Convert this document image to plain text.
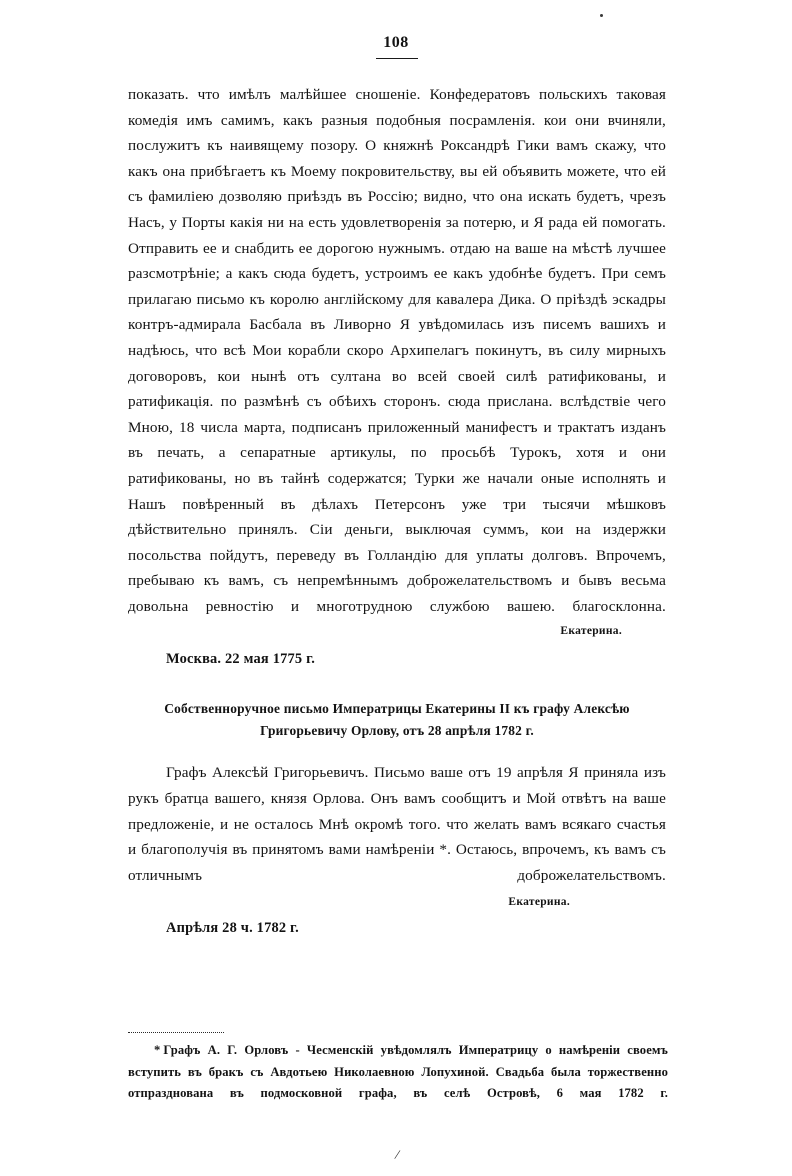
108

показать. что имѣлъ малѣйшее сношеніе. Конфедератовъ польскихъ таковая комедія имъ самимъ, какъ разныя подобныя посрамленія. кои они вчиняли, послужитъ къ наивящему позору. О княжнѣ Роксандрѣ Гики вамъ скажу, что какъ она прибѣгаетъ къ Моему покровительству, вы ей объявить можете, что ей съ фамиліею дозволяю приѣздъ въ Россію; видно, что она искать будетъ, чрезъ Насъ, у Порты какія ни на есть удовлетворенія за потерю, и Я рада ей помогать. Отправить ее и снабдить ее дорогою нужнымъ. отдаю на ваше на мѣстѣ лучшее разсмотрѣніе; а какъ сюда будетъ, устроимъ ее какъ удобнѣе будетъ. При семъ прилагаю письмо къ королю англійскому для кавалера Дика. О пріѣздѣ эскадры контръ-адмирала Басбала въ Ливорно Я увѣдомилась изъ писемъ вашихъ и надѣюсь, что всѣ Мои корабли скоро Архипелагъ покинутъ, въ силу мирныхъ договоровъ, кои нынѣ отъ султана во всей своей силѣ ратификованы, и ратификація. по размѣнѣ съ обѣихъ сторонъ. сюда прислана. вслѣдствіе чего Мною, 18 числа марта, подписанъ приложенный манифестъ и трактатъ изданъ въ печать, а сепаратные артикулы, по просьбѣ Турокъ, хотя и они ратификованы, но въ тайнѣ содержатся; Турки же начали оные исполнять и Нашъ повѣренный въ дѣлахъ Петерсонъ уже три тысячи мѣшковъ дѣйствительно принялъ. Сіи деньги, выключая суммъ, кои на издержки посольства пойдутъ, переведу въ Голландію для уплаты долговъ. Впрочемъ, пребываю къ вамъ, съ непремѣннымъ доброжелательствомъ и бывъ весьма довольна ревностію и многотрудною службою вашею. благосклонна.

Екатерина.
Москва. 22 мая 1775 г.
Собственноручное письмо Императрицы Екатерины II къ графу Алексѣю
Григорьевичу Орлову, отъ 28 апрѣля 1782 г.

Графъ Алексѣй Григорьевичъ. Письмо ваше отъ 19 апрѣля Я приняла изъ рукъ братца вашего, князя Орлова. Онъ вамъ сообщитъ и Мой отвѣтъ на ваше предложеніе, и не осталось Мнѣ окромѣ того. что желать вамъ всякаго счастья и благополучія въ принятомъ вами намѣреніи *. Остаюсь, впрочемъ, къ вамъ съ отличнымъ доброжелательствомъ.

Екатерина.
Апрѣля 28 ч. 1782 г.
* Графъ А. Г. Орловъ - Чесменскій увѣдомлялъ Императрицу о намѣреніи своемъ вступить въ бракъ съ Авдотьею Николаевною Лопухиной. Свадьба была торжественно отпразднована въ подмосковной графа, въ селѣ Островѣ, 6 мая 1782 г.
/
